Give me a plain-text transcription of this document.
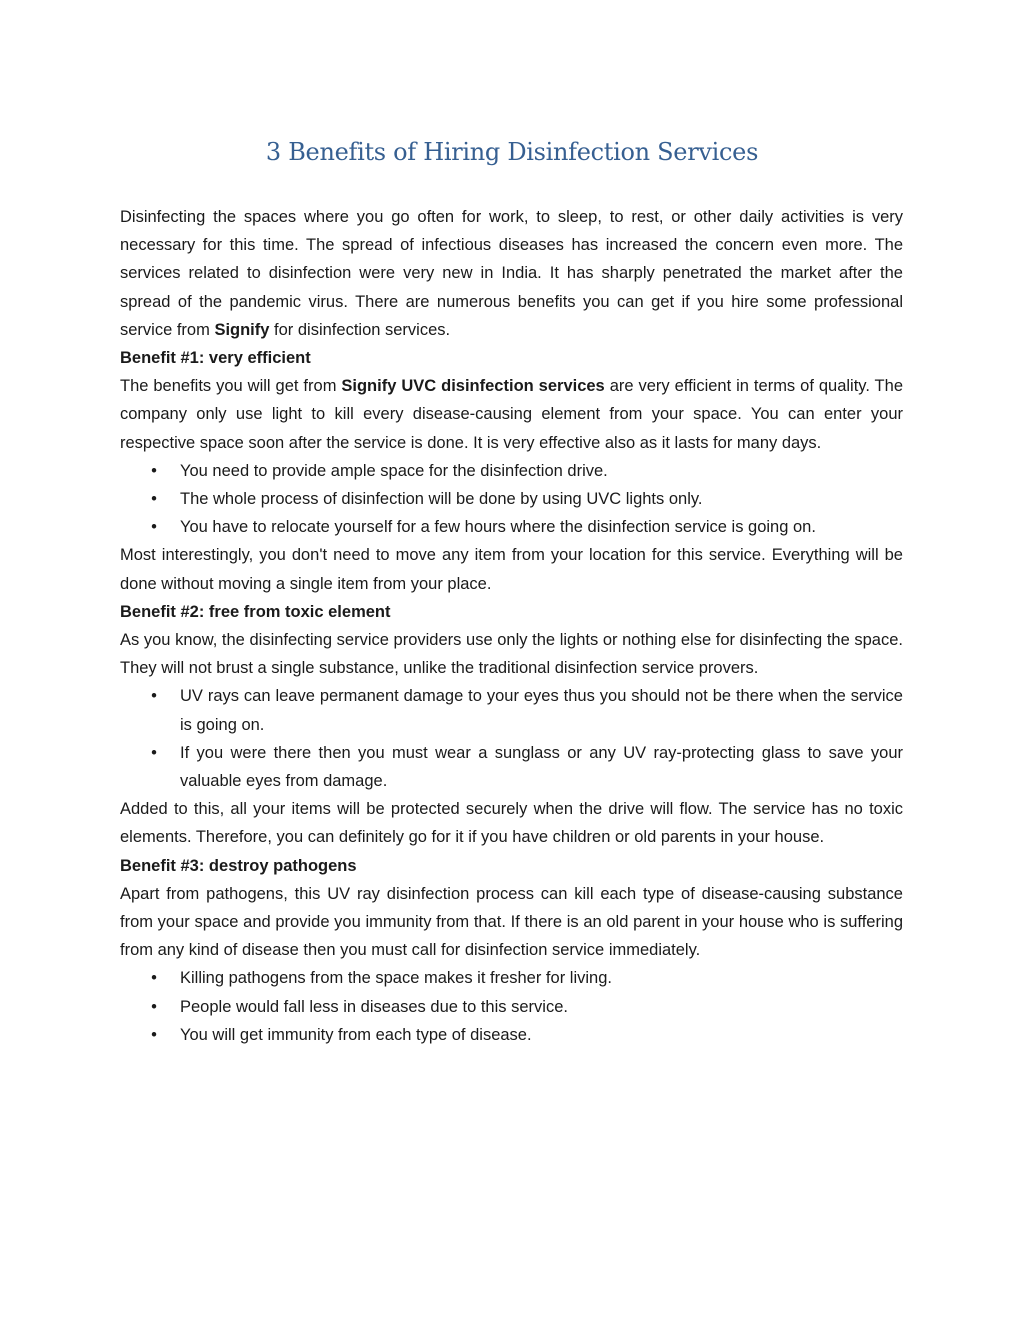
3 Benefits of Hiring Disinfection Services

Disinfecting the spaces where you go often for work, to sleep, to rest, or other daily activities is very necessary for this time. The spread of infectious diseases has increased the concern even more. The services related to disinfection were very new in India. It has sharply penetrated the market after the spread of the pandemic virus. There are numerous benefits you can get if you hire some professional service from Signify for disinfection services.

Benefit #1: very efficient

The benefits you will get from Signify UVC disinfection services are very efficient in terms of quality. The company only use light to kill every disease-causing element from your space. You can enter your respective space soon after the service is done. It is very effective also as it lasts for many days.

•	You need to provide ample space for the disinfection drive.
•	The whole process of disinfection will be done by using UVC lights only.
•	You have to relocate yourself for a few hours where the disinfection service is going on.

Most interestingly, you don't need to move any item from your location for this service. Everything will be done without moving a single item from your place.

Benefit #2: free from toxic element

As you know, the disinfecting service providers use only the lights or nothing else for disinfecting the space. They will not brust a single substance, unlike the traditional disinfection service provers.

•	UV rays can leave permanent damage to your eyes thus you should not be there when the service is going on.
•	If you were there then you must wear a sunglass or any UV ray-protecting glass to save your valuable eyes from damage.

Added to this, all your items will be protected securely when the drive will flow. The service has no toxic elements. Therefore, you can definitely go for it if you have children or old parents in your house.

Benefit #3: destroy pathogens

Apart from pathogens, this UV ray disinfection process can kill each type of disease-causing substance from your space and provide you immunity from that. If there is an old parent in your house who is suffering from any kind of disease then you must call for disinfection service immediately.

•	Killing pathogens from the space makes it fresher for living.
•	People would fall less in diseases due to this service.
•	You will get immunity from each type of disease.
